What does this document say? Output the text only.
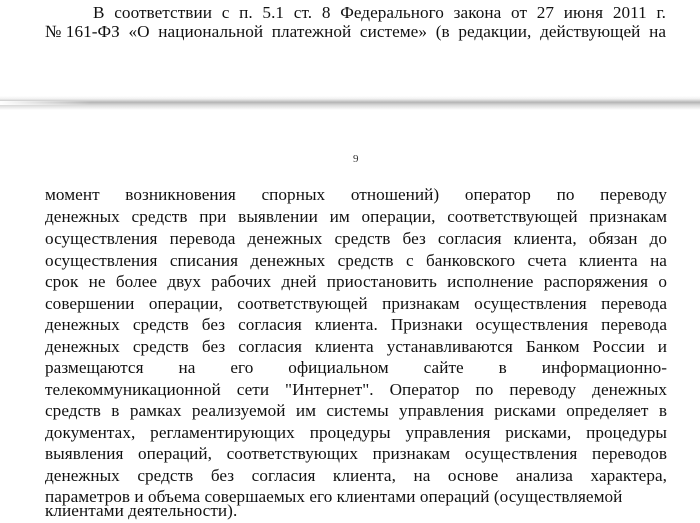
В соответствии с п. 5.1 ст. 8 Федерального закона от 27 июня 2011 г.
№161-ФЗ «О национальной платежной системе» (в редакции, действующей на
9
момент возникновения спорных отношений) оператор по переводу
денежных средств при выявлении им операции, соответствующей признакам
осуществления перевода денежных средств без согласия клиента, обязан до
осуществления списания денежных средств с банковского счета клиента на
срок не более двух рабочих дней приостановить исполнение распоряжения о
совершении операции, соответствующей признакам осуществления перевода
денежных средств без согласия клиента. Признаки осуществления перевода
денежных средств без согласия клиента устанавливаются Банком России и
размещаются на его официальном сайте в информационно-
телекоммуникационной сети "Интернет". Оператор по переводу денежных
средств в рамках реализуемой им системы управления рисками определяет в
документах, регламентирующих процедуры управления рисками, процедуры
выявления операций, соответствующих признакам осуществления переводов
денежных средств без согласия клиента, на основе анализа характера,
параметров и объема совершаемых его клиентами операций (осуществляемой
клиентами деятельности).
